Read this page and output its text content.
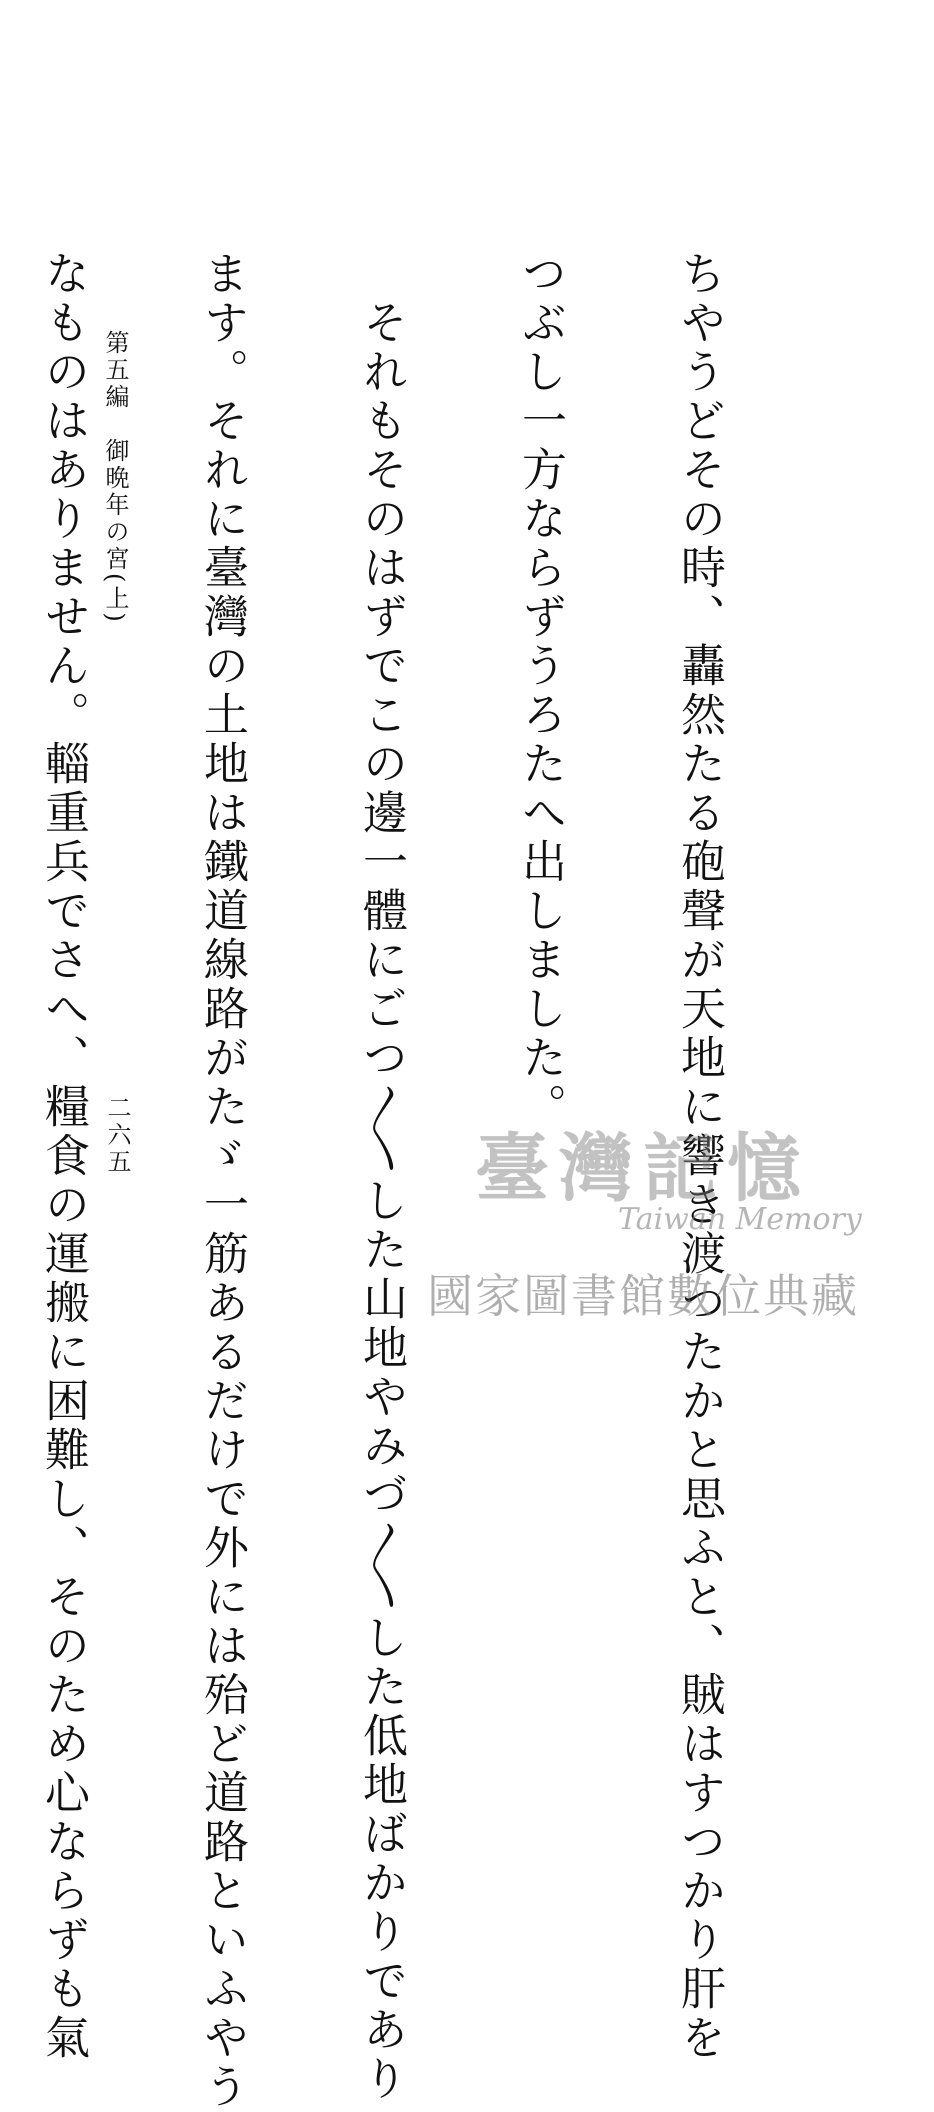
ちやうどその時、轟然たる砲聲が天地に響き渡つたかと思ふと、賊はすつかり肝を

つぶし一方ならずうろたへ出しました。

　それもそのはずでこの邊一體にごつ〳〵した山地やみづ〳〵した低地ばかりであり

ます。それに臺灣の土地は鐵道線路がたゞ一筋あるだけで外には殆ど道路といふやう

なものはありません。輜重兵でさへ、糧食の運搬に困難し、そのため心ならずも氣

第五編　御晩年の宮(上)
二六五	臺灣記憶
Taiwan Memory
國家圖書館數位典藏
